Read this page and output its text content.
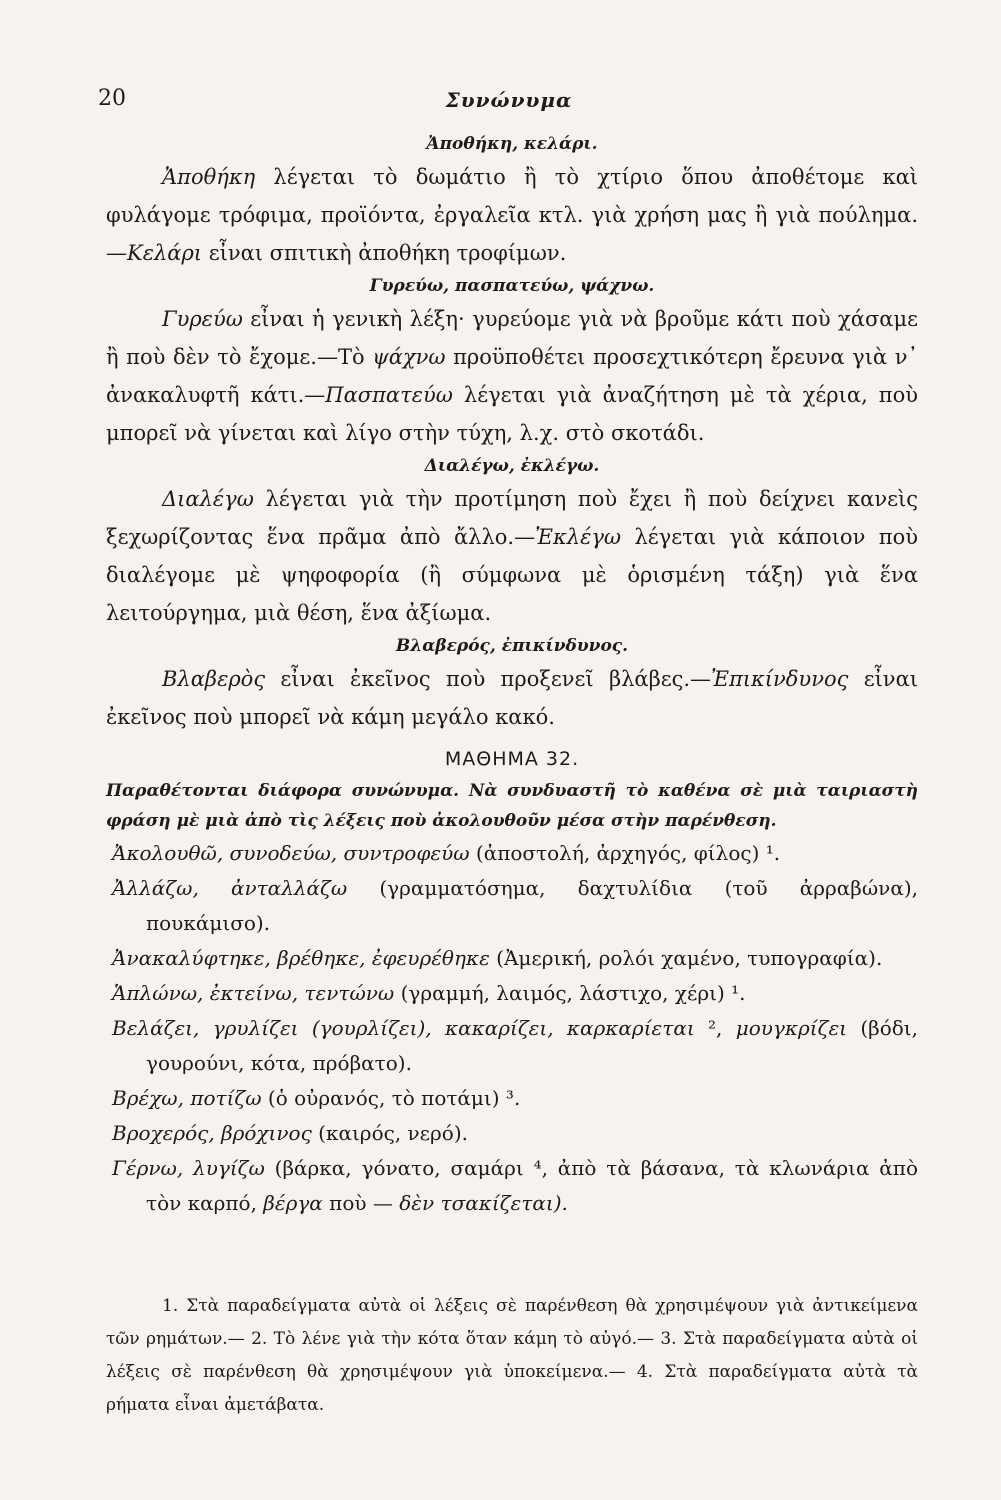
20	Συνώνυμα
Ἀποθήκη, κελάρι.

Ἀποθήκη λέγεται τὸ δωμάτιο ἢ τὸ χτίριο ὅπου ἀποθέτομε καὶ φυλάγομε τρόφιμα, προϊόντα, ἐργαλεῖα κτλ. γιὰ χρήση μας ἢ γιὰ πούλημα.—Κελάρι εἶναι σπιτικὴ ἀποθήκη τροφίμων.

Γυρεύω, πασπατεύω, ψάχνω.

Γυρεύω εἶναι ἡ γενικὴ λέξη· γυρεύομε γιὰ νὰ βροῦμε κάτι ποὺ χάσαμε ἢ ποὺ δὲν τὸ ἔχομε.—Τὸ ψάχνω προϋποθέτει προσεχτικότερη ἔρευνα γιὰ ν᾿ ἀνακαλυφτῆ κάτι.—Πασπατεύω λέγεται γιὰ ἀναζήτηση μὲ τὰ χέρια, ποὺ μπορεῖ νὰ γίνεται καὶ λίγο στὴν τύχη, λ.χ. στὸ σκοτάδι.

Διαλέγω, ἐκλέγω.

Διαλέγω λέγεται γιὰ τὴν προτίμηση ποὺ ἔχει ἢ ποὺ δείχνει κανεὶς ξεχωρίζοντας ἕνα πρᾶμα ἀπὸ ἄλλο.—Ἐκλέγω λέγεται γιὰ κάποιον ποὺ διαλέγομε μὲ ψηφοφορία (ἢ σύμφωνα μὲ ὁρισμένη τάξη) γιὰ ἕνα λειτούργημα, μιὰ θέση, ἕνα ἀξίωμα.

Βλαβερός, ἐπικίνδυνος.

Βλαβερὸς εἶναι ἐκεῖνος ποὺ προξενεῖ βλάβες.—Ἐπικίνδυνος εἶναι ἐκεῖνος ποὺ μπορεῖ νὰ κάμη μεγάλο κακό.

ΜΑΘΗΜΑ 32.

Παραθέτονται διάφορα συνώνυμα. Νὰ συνδυαστῆ τὸ καθένα σὲ μιὰ ταιριαστὴ φράση μὲ μιὰ ἀπὸ τὶς λέξεις ποὺ ἀκολουθοῦν μέσα στὴν παρένθεση.

Ἀκολουθῶ, συνοδεύω, συντροφεύω (ἀποστολή, ἀρχηγός, φίλος) ¹.

Ἀλλάζω, ἀνταλλάζω (γραμματόσημα, δαχτυλίδια (τοῦ ἀρραβώνα), πουκάμισο).

Ἀνακαλύφτηκε, βρέθηκε, ἐφευρέθηκε (Ἀμερική, ρολόι χαμένο, τυπογραφία).

Ἁπλώνω, ἐκτείνω, τεντώνω (γραμμή, λαιμός, λάστιχο, χέρι) ¹.

Βελάζει, γρυλίζει (γουρλίζει), κακαρίζει, καρκαρίεται ², μουγκρίζει (βόδι, γουρούνι, κότα, πρόβατο).

Βρέχω, ποτίζω (ὁ οὐρανός, τὸ ποτάμι) ³.

Βροχερός, βρόχινος (καιρός, νερό).

Γέρνω, λυγίζω (βάρκα, γόνατο, σαμάρι ⁴, ἀπὸ τὰ βάσανα, τὰ κλωνάρια ἀπὸ τὸν καρπό, βέργα ποὺ — δὲν τσακίζεται).

1. Στὰ παραδείγματα αὐτὰ οἱ λέξεις σὲ παρένθεση θὰ χρησιμέψουν γιὰ ἀντικείμενα τῶν ρημάτων.— 2. Τὸ λένε γιὰ τὴν κότα ὅταν κάμη τὸ αὐγό.— 3. Στὰ παραδείγματα αὐτὰ οἱ λέξεις σὲ παρένθεση θὰ χρησιμέψουν γιὰ ὑποκείμενα.— 4. Στὰ παραδείγματα αὐτὰ τὰ ρήματα εἶναι ἀμετάβατα.
